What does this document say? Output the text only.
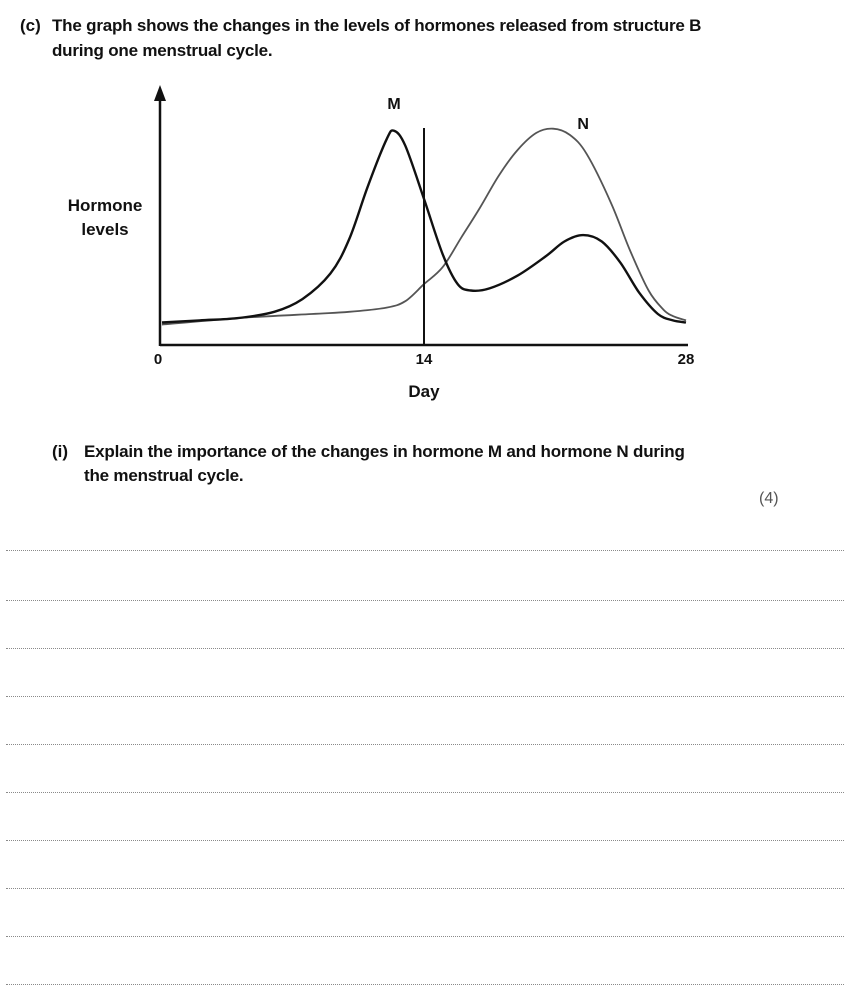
(c) The graph shows the changes in the levels of hormones released from structure B
during one menstrual cycle.
M
N
0	14	28
Day
Hormone
levels
(i) Explain the importance of the changes in hormone M and hormone N during
the menstrual cycle.
(4)
